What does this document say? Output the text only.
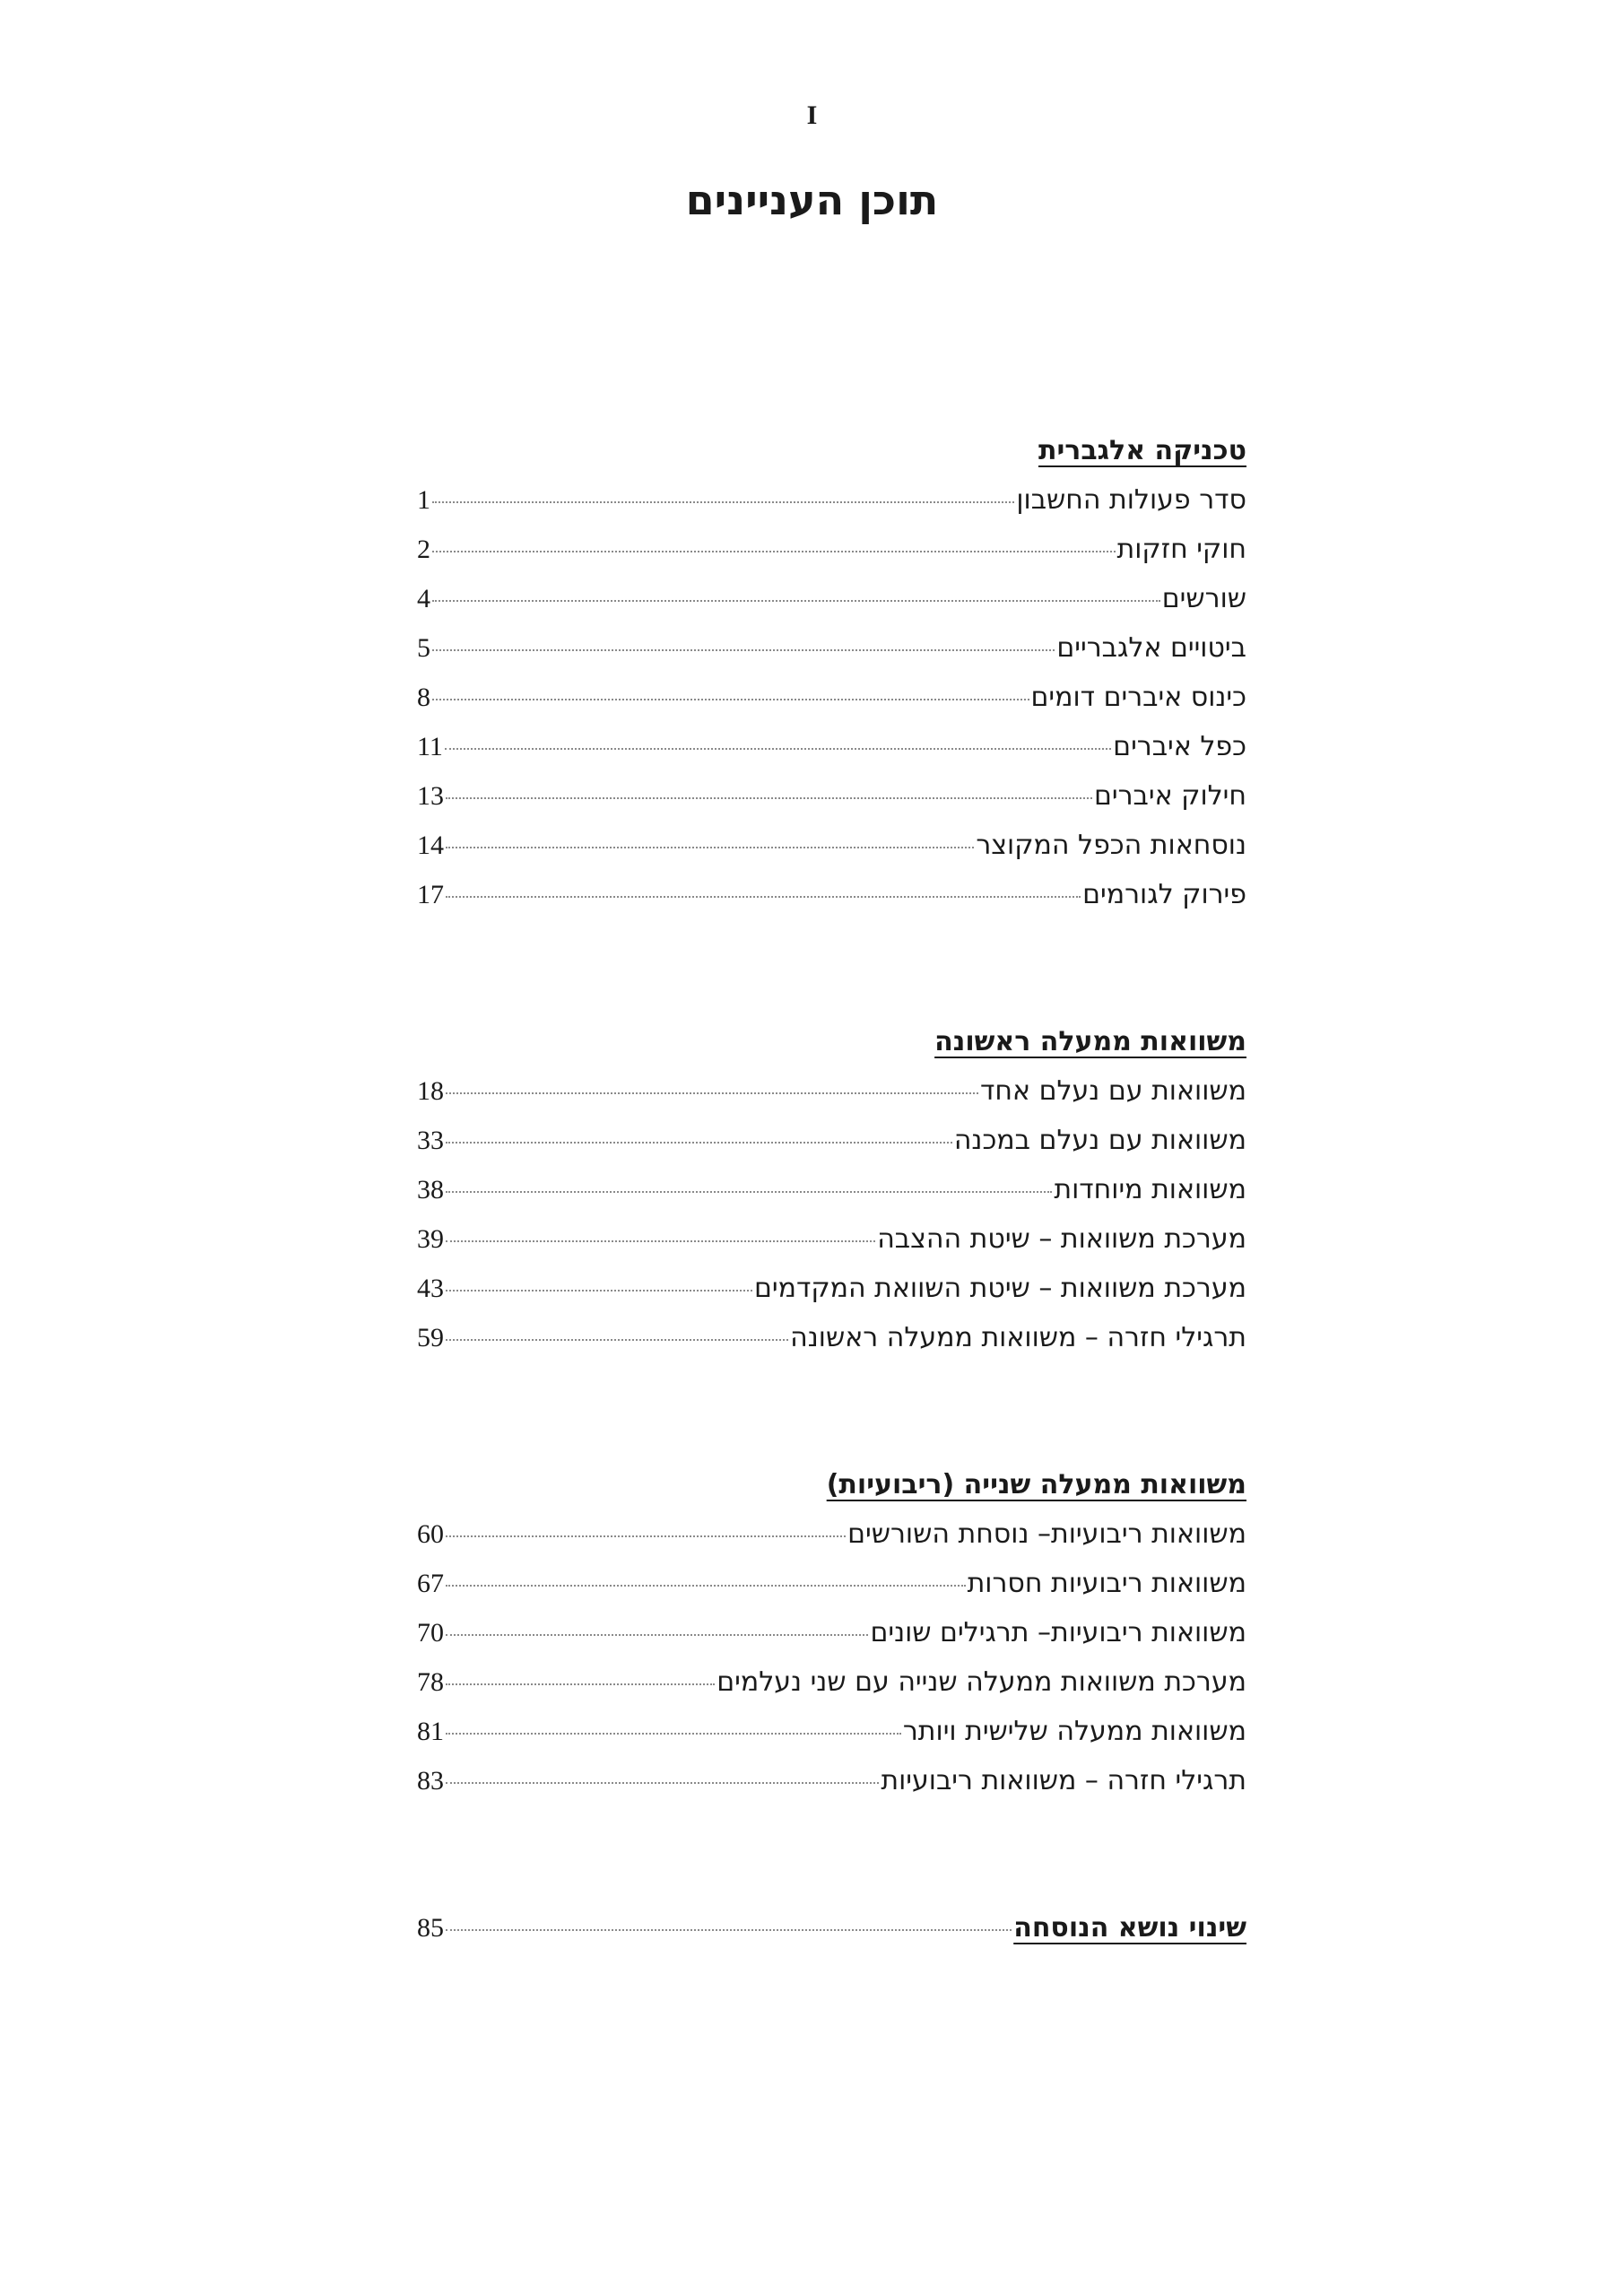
I
תוכן העניינים
טכניקה אלגברית
סדר פעולות החשבון
1
חוקי חזקות
2
שורשים
4
ביטויים אלגבריים
5
כינוס איברים דומים
8
כפל איברים
11
חילוק איברים
13
נוסחאות הכפל המקוצר
14
פירוק לגורמים
17
משוואות ממעלה ראשונה
משוואות עם נעלם אחד
18
משוואות עם נעלם במכנה
33
משוואות מיוחדות
38
מערכת משוואות – שיטת ההצבה
39
מערכת משוואות – שיטת השוואת המקדמים
43
תרגילי חזרה – משוואות ממעלה ראשונה
59
משוואות ממעלה שנייה (ריבועיות)
משוואות ריבועיות– נוסחת השורשים
60
משוואות ריבועיות חסרות
67
משוואות ריבועיות– תרגילים שונים
70
מערכת משוואות ממעלה שנייה עם שני נעלמים
78
משוואות ממעלה שלישית ויותר
81
תרגילי חזרה – משוואות ריבועיות
83
שינוי נושא הנוסחה
85
